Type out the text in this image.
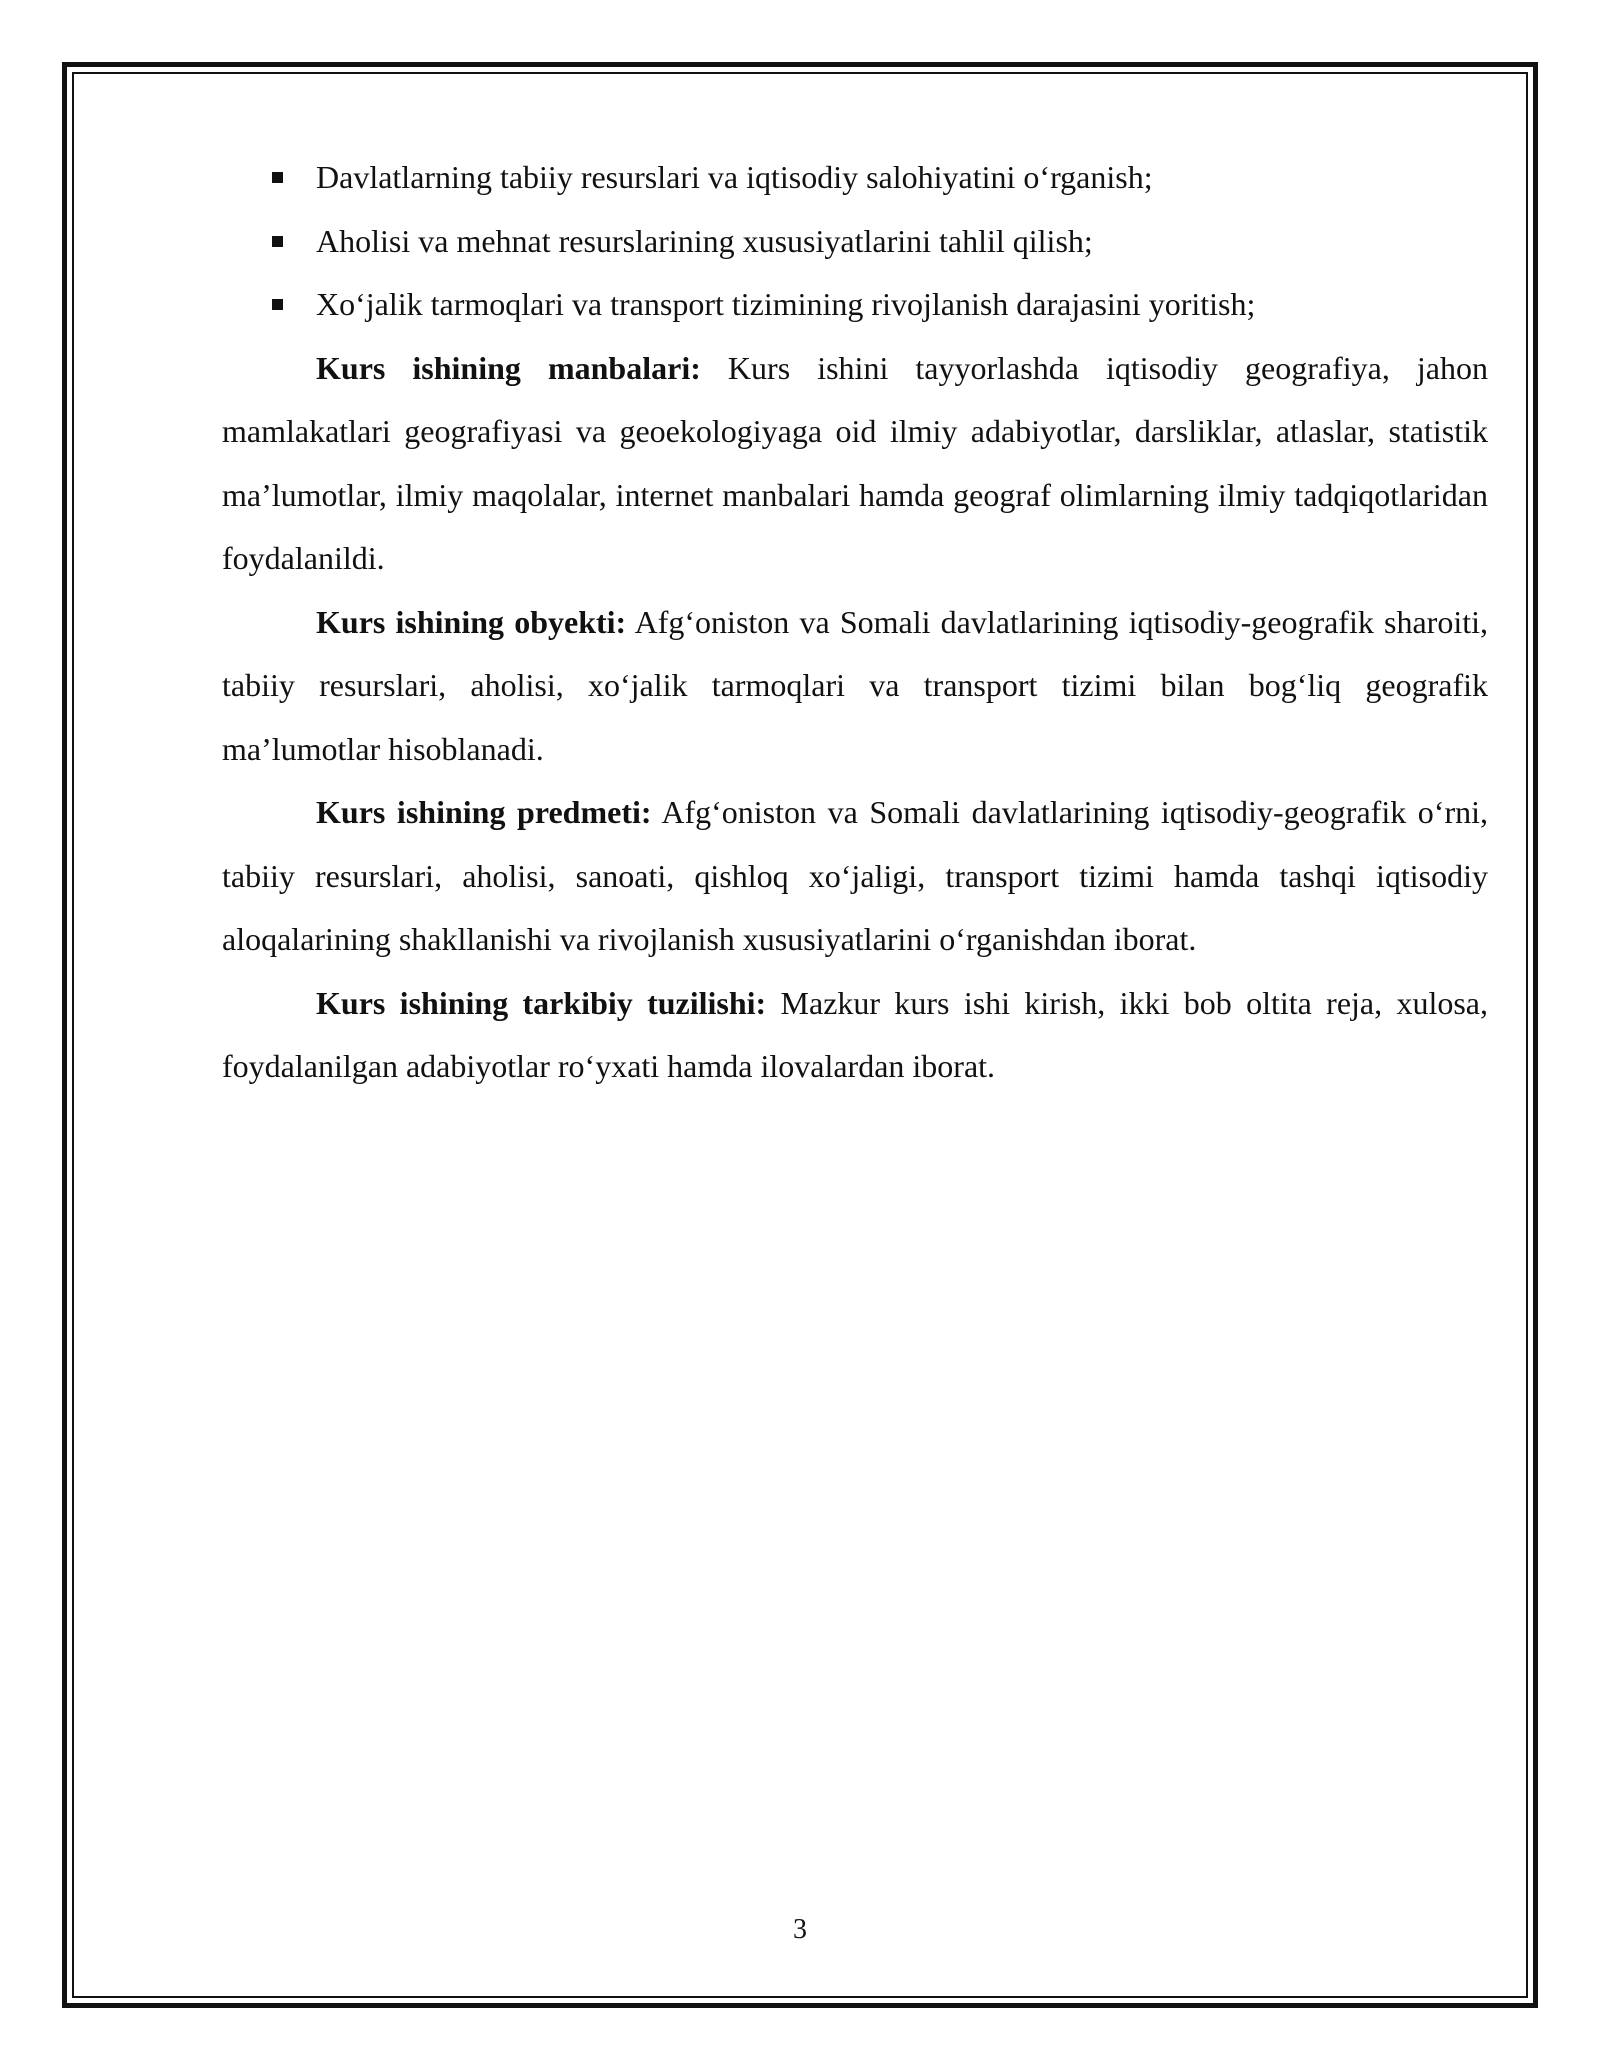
Davlatlarning tabiiy resurslari va iqtisodiy salohiyatini o‘rganish;
Aholisi va mehnat resurslarining xususiyatlarini tahlil qilish;
Xo‘jalik tarmoqlari va transport tizimining rivojlanish darajasini yoritish;

Kurs ishining manbalari: Kurs ishini tayyorlashda iqtisodiy geografiya, jahon mamlakatlari geografiyasi va geoekologiyaga oid ilmiy adabiyotlar, darsliklar, atlaslar, statistik ma’lumotlar, ilmiy maqolalar, internet manbalari hamda geograf olimlarning ilmiy tadqiqotlaridan foydalanildi.

Kurs ishining obyekti: Afg‘oniston va Somali davlatlarining iqtisodiy-geografik sharoiti, tabiiy resurslari, aholisi, xo‘jalik tarmoqlari va transport tizimi bilan bog‘liq geografik ma’lumotlar hisoblanadi.

Kurs ishining predmeti: Afg‘oniston va Somali davlatlarining iqtisodiy-geografik o‘rni, tabiiy resurslari, aholisi, sanoati, qishloq xo‘jaligi, transport tizimi hamda tashqi iqtisodiy aloqalarining shakllanishi va rivojlanish xususiyatlarini o‘rganishdan iborat.

Kurs ishining tarkibiy tuzilishi: Mazkur kurs ishi kirish, ikki bob oltita reja, xulosa, foydalanilgan adabiyotlar ro‘yxati hamda ilovalardan iborat.

3
